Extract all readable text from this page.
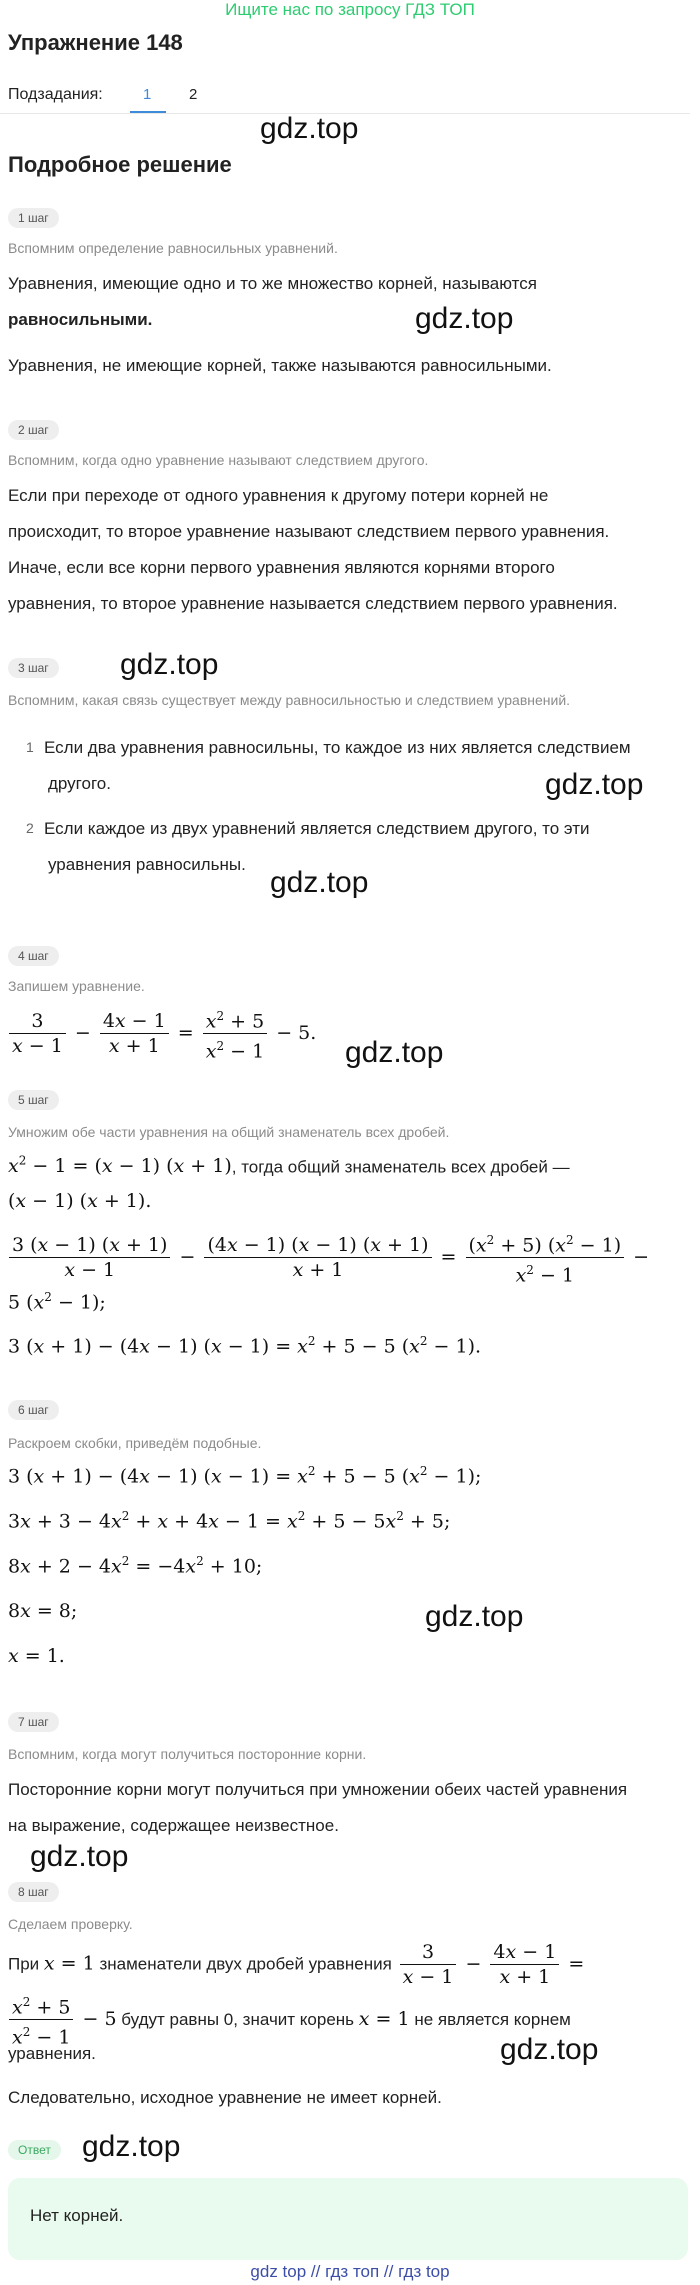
Ищите нас по запросу ГДЗ ТОП
Упражнение 148
Подзадания:	1	2
gdz.top
Подробное решение
1 шаг
Вспомним определение равносильных уравнений.
Уравнения, имеющие одно и то же множество корней, называются
равносильными.	gdz.top
Уравнения, не имеющие корней, также называются равносильными.
2 шаг
Вспомним, когда одно уравнение называют следствием другого.
Если при переходе от одного уравнения к другому потери корней не
происходит, то второе уравнение называют следствием первого уравнения.
Иначе, если все корни первого уравнения являются корнями второго
уравнения, то второе уравнение называется следствием первого уравнения.
3 шаг	gdz.top
Вспомним, какая связь существует между равносильностью и следствием уравнений.
1 Если два уравнения равносильны, то каждое из них является следствием
другого.	gdz.top
2 Если каждое из двух уравнений является следствием другого, то эти
уравнения равносильны.
gdz.top
4 шаг
Запишем уравнение.
$\frac{3}{x - 1} - \frac{4x - 1}{x + 1} = \frac{x^2 + 5}{x^2 - 1} - 5$.
gdz.top
5 шаг
Умножим обе части уравнения на общий знаменатель всех дробей.
$x^2 - 1 = (x - 1) (x + 1)$, тогда общий знаменатель всех дробей —
(x − 1) (x + 1).
$\frac{3 (x - 1) (x + 1)}{x - 1} - \frac{(4x - 1) (x - 1) (x + 1)}{x + 1} = \frac{(x^2 + 5) (x^2 - 1)}{x^2 - 1}$ −
5 $(x^2 - 1)$;
3 (x + 1) − (4x − 1) $(x - 1) = x^2 + 5 - 5$ $(x^2 - 1)$.
6 шаг
Раскроем скобки, приведём подобные.
3 (x + 1) − (4x − 1) $(x - 1) = x^2 + 5 - 5$ $(x^2 - 1)$;
$3x + 3 - 4x^2 + x + 4x - 1 = x^2 + 5 - 5x^2 + 5$;
$8x + 2 - 4x^2 = -4x^2 + 10$;
8x = 8;	gdz.top
x = 1.
7 шаг
Вспомним, когда могут получиться посторонние корни.
Посторонние корни могут получиться при умножении обеих частей уравнения
на выражение, содержащее неизвестное.
gdz.top
8 шаг
Сделаем проверку.
При x = 1 знаменатели двух дробей уравнения $\frac{3}{x - 1} - \frac{4x - 1}{x + 1}$ =
$\frac{x^2 + 5}{x^2 - 1} - 5$ будут равны 0, значит корень x = 1 не является корнем
уравнения.	gdz.top
Следовательно, исходное уравнение не имеет корней.
Ответ	gdz.top
Нет корней.
gdz top // гдз топ // гдз top
